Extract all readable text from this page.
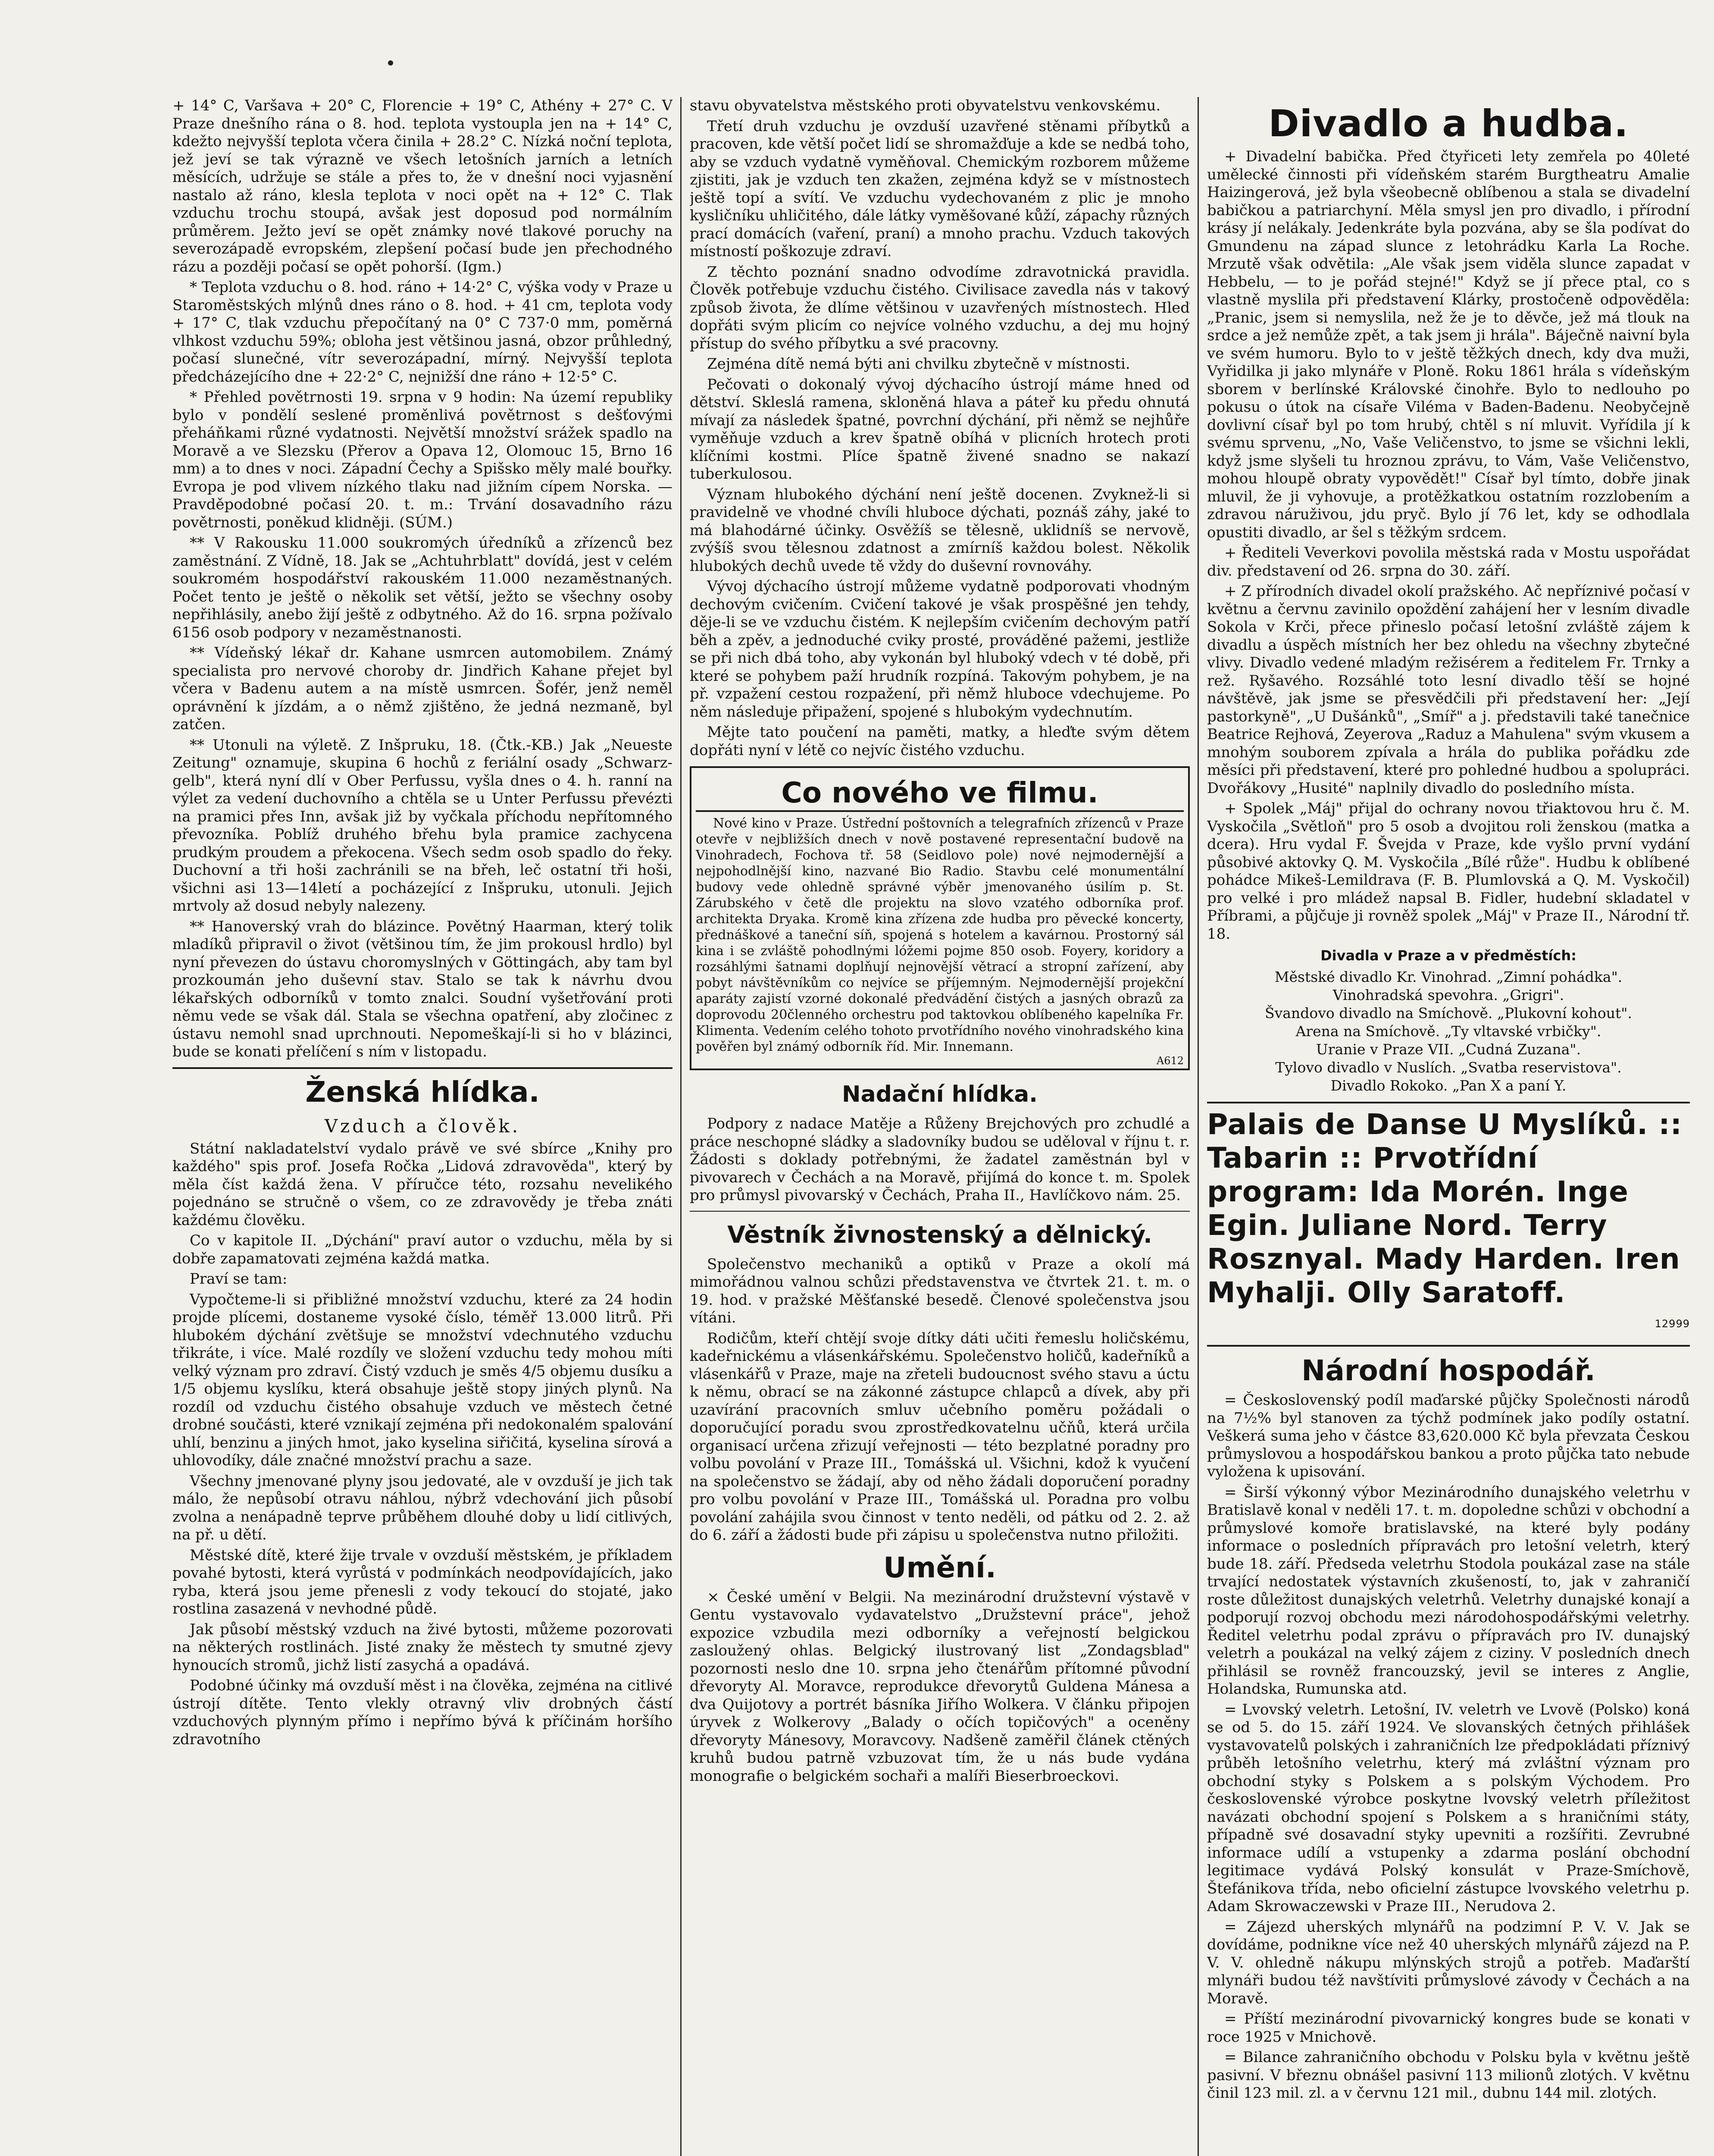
+ 14° C, Varšava + 20° C, Florencie + 19° C, Athény + 27° C. V Praze dnešního rána o 8. hod. teplota vystoupla jen na + 14° C, kdežto nejvyšší teplota včera činila + 28.2° C. Nízká noční teplota, jež jeví se tak výrazně ve všech letošních jarních a letních měsících, udržuje se stále a přes to, že v dnešní noci vyjasnění nastalo až ráno, klesla teplota v noci opět na + 12° C. Tlak vzduchu trochu stoupá, avšak jest doposud pod normálním průměrem. Ježto jeví se opět známky nové tlakové poruchy na severozápadě evropském, zlepšení počasí bude jen přechodného rázu a později počasí se opět pohorší. (Igm.)

* Teplota vzduchu o 8. hod. ráno + 14·2° C, výška vody v Praze u Staroměstských mlýnů dnes ráno o 8. hod. + 41 cm, teplota vody + 17° C, tlak vzduchu přepočítaný na 0° C 737·0 mm, poměrná vlhkost vzduchu 59%; obloha jest většinou jasná, obzor průhledný, počasí slunečné, vítr severozápadní, mírný. Nejvyšší teplota předcházejícího dne + 22·2° C, nejnižší dne ráno + 12·5° C.

* Přehled povětrnosti 19. srpna v 9 hodin: Na území republiky bylo v pondělí seslené proměnlivá povětrnost s dešťovými přeháňkami různé vydatnosti. Největší množství srážek spadlo na Moravě a ve Slezsku (Přerov a Opava 12, Olomouc 15, Brno 16 mm) a to dnes v noci. Západní Čechy a Spišsko měly malé bouřky. Evropa je pod vlivem nízkého tlaku nad jižním cípem Norska. — Pravděpodobné počasí 20. t. m.: Trvání dosavadního rázu povětrnosti, poněkud klidněji. (SÚM.)

** V Rakousku 11.000 soukromých úředníků a zřízenců bez zaměstnání. Z Vídně, 18. Jak se „Achtuhrblatt" dovídá, jest v celém soukromém hospodářství rakouském 11.000 nezaměstnaných. Počet tento je ještě o několik set větší, ježto se všechny osoby nepřihlásily, anebo žijí ještě z odbytného. Až do 16. srpna požívalo 6156 osob podpory v nezaměstnanosti.

** Vídeňský lékař dr. Kahane usmrcen automobilem. Známý specialista pro nervové choroby dr. Jindřich Kahane přejet byl včera v Badenu autem a na místě usmrcen. Šofér, jenž neměl oprávnění k jízdám, a o němž zjištěno, že jedná nezmaně, byl zatčen.

** Utonuli na výletě. Z Inšpruku, 18. (Čtk.-KB.) Jak „Neueste Zeitung" oznamuje, skupina 6 hochů z feriální osady „Schwarz-gelb", která nyní dlí v Ober Perfussu, vyšla dnes o 4. h. ranní na výlet za vedení duchovního a chtěla se u Unter Perfussu převézti na pramici přes Inn, avšak již by vyčkala příchodu nepřítomného převozníka. Poblíž druhého břehu byla pramice zachycena prudkým proudem a překocena. Všech sedm osob spadlo do řeky. Duchovní a tři hoši zachránili se na břeh, leč ostatní tři hoši, všichni asi 13—14letí a pocházející z Inšpruku, utonuli. Jejich mrtvoly až dosud nebyly nalezeny.

** Hanoverský vrah do blázince. Povětný Haarman, který tolik mladíků připravil o život (většinou tím, že jim prokousl hrdlo) byl nyní převezen do ústavu choromyslných v Göttingách, aby tam byl prozkoumán jeho duševní stav. Stalo se tak k návrhu dvou lékařských odborníků v tomto znalci. Soudní vyšetřování proti němu vede se však dál. Stala se všechna opatření, aby zločinec z ústavu nemohl snad uprchnouti. Nepomeškají-li si ho v blázinci, bude se konati přelíčení s ním v listopadu.

Ženská hlídka.
Vzduch a člověk.

Státní nakladatelství vydalo právě ve své sbírce „Knihy pro každého" spis prof. Josefa Ročka „Lidová zdravověda", který by měla číst každá žena. V příručce této, rozsahu nevelikého pojednáno se stručně o všem, co ze zdravovědy je třeba znáti každému člověku.

Co v kapitole II. „Dýchání" praví autor o vzduchu, měla by si dobře zapamatovati zejména každá matka.

Praví se tam:

Vypočteme-li si přibližné množství vzduchu, které za 24 hodin projde plícemi, dostaneme vysoké číslo, téměř 13.000 litrů. Při hlubokém dýchání zvětšuje se množství vdechnutého vzduchu třikráte, i více. Malé rozdíly ve složení vzduchu tedy mohou míti velký význam pro zdraví. Čistý vzduch je směs 4/5 objemu dusíku a 1/5 objemu kyslíku, která obsahuje ještě stopy jiných plynů. Na rozdíl od vzduchu čistého obsahuje vzduch ve městech četné drobné součásti, které vznikají zejména při nedokonalém spalování uhlí, benzinu a jiných hmot, jako kyselina siřičitá, kyselina sírová a uhlovodíky, dále značné množství prachu a saze.

Všechny jmenované plyny jsou jedovaté, ale v ovzduší je jich tak málo, že nepůsobí otravu náhlou, nýbrž vdechování jich působí zvolna a nenápadně teprve průběhem dlouhé doby u lidí citlivých, na př. u dětí.

Městské dítě, které žije trvale v ovzduší městském, je příkladem povahé bytosti, která vyrůstá v podmínkách neodpovídajících, jako ryba, která jsou jeme přenesli z vody tekoucí do stojaté, jako rostlina zasazená v nevhodné půdě.

Jak působí městský vzduch na živé bytosti, můžeme pozorovati na některých rostlinách. Jisté znaky že městech ty smutné zjevy hynoucích stromů, jichž listí zasychá a opadává.

Podobné účinky má ovzduší měst i na člověka, zejména na citlivé ústrojí dítěte. Tento vlekly otravný vliv drobných částí vzduchových plynným přímo i nepřímo bývá k příčinám horšího zdravotního

stavu obyvatelstva městského proti obyvatelstvu venkovskému.

Třetí druh vzduchu je ovzduší uzavřené stěnami příbytků a pracoven, kde větší počet lidí se shromažďuje a kde se nedbá toho, aby se vzduch vydatně vyměňoval. Chemickým rozborem můžeme zjistiti, jak je vzduch ten zkažen, zejména když se v místnostech ještě topí a svítí. Ve vzduchu vydechovaném z plic je mnoho kysličníku uhličitého, dále látky vyměšované kůží, zápachy různých prací domácích (vaření, praní) a mnoho prachu. Vzduch takových místností poškozuje zdraví.

Z těchto poznání snadno odvodíme zdravotnická pravidla. Člověk potřebuje vzduchu čistého. Civilisace zavedla nás v takový způsob života, že dlíme většinou v uzavřených místnostech. Hleď dopřáti svým plicím co nejvíce volného vzduchu, a dej mu hojný přístup do svého příbytku a své pracovny.

Zejména dítě nemá býti ani chvilku zbytečně v místnosti.

Pečovati o dokonalý vývoj dýchacího ústrojí máme hned od dětství. Skleslá ramena, skloněná hlava a páteř ku předu ohnutá mívají za následek špatné, povrchní dýchání, při němž se nejhůře vyměňuje vzduch a krev špatně obíhá v plicních hrotech proti klíčními kostmi. Plíce špatně živené snadno se nakazí tuberkulosou.

Význam hlubokého dýchání není ještě docenen. Zvyknež-li si pravidelně ve vhodné chvíli hluboce dýchati, poznáš záhy, jaké to má blahodárné účinky. Osvěžíš se tělesně, uklidníš se nervově, zvýšíš svou tělesnou zdatnost a zmírníš každou bolest. Několik hlubokých dechů uvede tě vždy do duševní rovnováhy.

Vývoj dýchacího ústrojí můžeme vydatně podporovati vhodným dechovým cvičením. Cvičení takové je však prospěšné jen tehdy, děje-li se ve vzduchu čistém. K nejlepším cvičením dechovým patří běh a zpěv, a jednoduché cviky prosté, prováděné pažemi, jestliže se při nich dbá toho, aby vykonán byl hluboký vdech v té době, při které se pohybem paží hrudník rozpíná. Takovým pohybem, je na př. vzpažení cestou rozpažení, při němž hluboce vdechujeme. Po něm následuje připažení, spojené s hlubokým vydechnutím.

Mějte tato poučení na paměti, matky, a hleďte svým dětem dopřáti nyní v létě co nejvíc čistého vzduchu.

Co nového ve filmu.

Nové kino v Praze. Ústřední poštovních a telegrafních zřízenců v Praze otevře v nejbližších dnech v nově postavené representační budově na Vinohradech, Fochova tř. 58 (Seidlovo pole) nové nejmodernější a nejpohodlnější kino, nazvané Bio Radio. Stavbu celé monumentální budovy vede ohledně správné výběr jmenovaného úsilím p. St. Zárubského v četě dle projektu na slovo vzatého odborníka prof. architekta Dryaka. Kromě kina zřízena zde hudba pro pěvecké koncerty, přednáškové a taneční síň, spojená s hotelem a kavárnou. Prostorný sál kina i se zvláště pohodlnými lóžemi pojme 850 osob. Foyery, koridory a rozsáhlými šatnami doplňují nejnovější větrací a stropní zařízení, aby pobyt návštěvníkům co nejvíce se příjemným. Nejmodernější projekční aparáty zajistí vzorné dokonalé předvádění čistých a jasných obrazů za doprovodu 20členného orchestru pod taktovkou oblíbeného kapelníka Fr. Klimenta. Vedením celého tohoto prvotřídního nového vinohradského kina pověřen byl známý odborník říd. Mir. Innemann.

A612
Nadační hlídka.

Podpory z nadace Matěje a Růženy Brejchových pro zchudlé a práce neschopné sládky a sladovníky budou se uděloval v říjnu t. r. Žádosti s doklady potřebnými, že žadatel zaměstnán byl v pivovarech v Čechách a na Moravě, přijímá do konce t. m. Spolek pro průmysl pivovarský v Čechách, Praha II., Havlíčkovo nám. 25.

Věstník živnostenský a dělnický.

Společenstvo mechaniků a optiků v Praze a okolí má mimořádnou valnou schůzi představenstva ve čtvrtek 21. t. m. o 19. hod. v pražské Měšťanské besedě. Členové společenstva jsou vítáni.

Rodičům, kteří chtějí svoje dítky dáti učiti řemeslu holičskému, kadeřnickému a vlásenkářskému. Společenstvo holičů, kadeřníků a vlásenkářů v Praze, maje na zřeteli budoucnost svého stavu a úctu k němu, obrací se na zákonné zástupce chlapců a dívek, aby při uzavírání pracovních smluv učebního poměru požádali o doporučující poradu svou zprostředkovatelnu učňů, která určila organisací určena zřizují veřejnosti — této bezplatné poradny pro volbu povolání v Praze III., Tomášská ul. Všichni, kdož k vyučení na společenstvo se žádají, aby od něho žádali doporučení poradny pro volbu povolání v Praze III., Tomášská ul. Poradna pro volbu povolání zahájila svou činnost v tento neděli, od pátku od 2. 2. až do 6. září a žádosti bude při zápisu u společenstva nutno přiložiti.

Umění.

× České umění v Belgii. Na mezinárodní družstevní výstavě v Gentu vystavovalo vydavatelstvo „Družstevní práce", jehož expozice vzbudila mezi odborníky a veřejností belgickou zasloužený ohlas. Belgický ilustrovaný list „Zondagsblad" pozornosti neslo dne 10. srpna jeho čtenářům přítomné původní dřevoryty Al. Moravce, reprodukce dřevorytů Guldena Mánesa a dva Quijotovy a portrét básníka Jiřího Wolkera. V článku připojen úryvek z Wolkerovy „Balady o očích topičových" a oceněny dřevoryty Mánesovy, Moravcovy. Nadšeně zaměřil článek ctěných kruhů budou patrně vzbuzovat tím, že u nás bude vydána monografie o belgickém sochaři a malíři Bieserbroeckovi.

Divadlo a hudba.

+ Divadelní babička. Před čtyřiceti lety zemřela po 40leté umělecké činnosti při vídeňském starém Burgtheatru Amalie Haizingerová, jež byla všeobecně oblíbenou a stala se divadelní babičkou a patriarchyní. Měla smysl jen pro divadlo, i přírodní krásy jí nelákaly. Jedenkráte byla pozvána, aby se šla podívat do Gmundenu na západ slunce z letohrádku Karla La Roche. Mrzutě však odvětila: „Ale však jsem viděla slunce zapadat v Hebbelu, — to je pořád stejné!" Když se jí přece ptal, co s vlastně myslila při představení Klárky, prostočeně odpověděla: „Pranic, jsem si nemyslila, než že je to děvče, jež má tlouk na srdce a jež nemůže zpět, a tak jsem ji hrála". Báječně naivní byla ve svém humoru. Bylo to v ještě těžkých dnech, kdy dva muži, Vyřidilka ji jako mlynáře v Ploně. Roku 1861 hrála s vídeňským sborem v berlínské Královské činohře. Bylo to nedlouho po pokusu o útok na císaře Viléma v Baden-Badenu. Neobyčejně dovlivní císař byl po tom hrubý, chtěl s ní mluvit. Vyřídila jí k svému sprvenu, „No, Vaše Veličenstvo, to jsme se všichni lekli, když jsme slyšeli tu hroznou zprávu, to Vám, Vaše Veličenstvo, mohou hloupě obraty vypovědět!" Císař byl tímto, dobře jinak mluvil, že ji vyhovuje, a protěžkatkou ostatním rozzlobením a zdravou náruživou, jdu pryč. Bylo jí 76 let, kdy se odhodlala opustiti divadlo, ar šel s těžkým srdcem.

+ Řediteli Veverkovi povolila městská rada v Mostu uspořádat div. představení od 26. srpna do 30. září.

+ Z přírodních divadel okolí pražského. Ač nepříznivé počasí v květnu a červnu zavinilo opoždění zahájení her v lesním divadle Sokola v Krči, přece přineslo počasí letošní zvláště zájem k divadlu a úspěch místních her bez ohledu na všechny zbytečné vlivy. Divadlo vedené mladým režisérem a ředitelem Fr. Trnky a rež. Ryšavého. Rozsáhlé toto lesní divadlo těší se hojné návštěvě, jak jsme se přesvědčili při představení her: „Její pastorkyně", „U Dušánků", „Smíř" a j. představili také tanečnice Beatrice Rejhová, Zeyerova „Raduz a Mahulena" svým vkusem a mnohým souborem zpívala a hrála do publika pořádku zde měsíci při představení, které pro pohledné hudbou a spolupráci. Dvořákovy „Husité" naplnily divadlo do posledního místa.

+ Spolek „Máj" přijal do ochrany novou třiaktovou hru č. M. Vyskočila „Světloň" pro 5 osob a dvojitou roli ženskou (matka a dcera). Hru vydal F. Švejda v Praze, kde vyšlo první vydání působivé aktovky Q. M. Vyskočila „Bílé růže". Hudbu k oblíbené pohádce Mikeš-Lemildrava (F. B. Plumlovská a Q. M. Vyskočil) pro velké i pro mládež napsal B. Fidler, hudební skladatel v Příbrami, a půjčuje ji rovněž spolek „Máj" v Praze II., Národní tř. 18.

Divadla v Praze a v předměstích:
Městské divadlo Kr. Vinohrad. „Zimní pohádka".
Vinohradská spevohra. „Grigri".
Švandovo divadlo na Smíchově. „Plukovní kohout".
Arena na Smíchově. „Ty vltavské vrbičky".
Uranie v Praze VII. „Cudná Zuzana".
Tylovo divadlo v Nuslích. „Svatba reservistova".
Divadlo Rokoko. „Pan X a paní Y.
Palais de Danse U Myslíků. :: Tabarin :: Prvotřídní program: Ida Morén. Inge Egin. Juliane Nord. Terry Rosznyal. Mady Harden. Iren Myhalji. Olly Saratoff.
12999
Národní hospodář.

= Československý podíl maďarské půjčky Společnosti národů na 7½% byl stanoven za týchž podmínek jako podíly ostatní. Veškerá suma jeho v částce 83,620.000 Kč byla převzata Českou průmyslovou a hospodářskou bankou a proto půjčka tato nebude vyložena k upisování.

= Širší výkonný výbor Mezinárodního dunajského veletrhu v Bratislavě konal v neděli 17. t. m. dopoledne schůzi v obchodní a průmyslové komoře bratislavské, na které byly podány informace o posledních přípravách pro letošní veletrh, který bude 18. září. Předseda veletrhu Stodola poukázal zase na stále trvající nedostatek výstavních zkušeností, to, jak v zahraničí roste důležitost dunajských veletrhů. Veletrhy dunajské konají a podporují rozvoj obchodu mezi národohospodářskými veletrhy. Ředitel veletrhu podal zprávu o přípravách pro IV. dunajský veletrh a poukázal na velký zájem z ciziny. V posledních dnech přihlásil se rovněž francouzský, jevil se interes z Anglie, Holandska, Rumunska atd.

= Lvovský veletrh. Letošní, IV. veletrh ve Lvově (Polsko) koná se od 5. do 15. září 1924. Ve slovanských četných přihlášek vystavovatelů polských i zahraničních lze předpokládati příznivý průběh letošního veletrhu, který má zvláštní význam pro obchodní styky s Polskem a s polským Východem. Pro československé výrobce poskytne lvovský veletrh příležitost navázati obchodní spojení s Polskem a s hraničními státy, případně své dosavadní styky upevniti a rozšířiti. Zevrubné informace udílí a vstupenky a zdarma poslání obchodní legitimace vydává Polský konsulát v Praze-Smíchově, Štefánikova třída, nebo oficielní zástupce lvovského veletrhu p. Adam Skrowaczewski v Praze III., Nerudova 2.

= Zájezd uherských mlynářů na podzimní P. V. V. Jak se dovídáme, podnikne více než 40 uherských mlynářů zájezd na P. V. V. ohledně nákupu mlýnských strojů a potřeb. Maďarští mlynáři budou též navštíviti průmyslové závody v Čechách a na Moravě.

= Příští mezinárodní pivovarnický kongres bude se konati v roce 1925 v Mnichově.

= Bilance zahraničního obchodu v Polsku byla v květnu ještě pasivní. V březnu obnášel pasivní 113 milionů zlotých. V květnu činil 123 mil. zl. a v červnu 121 mil., dubnu 144 mil. zlotých.
